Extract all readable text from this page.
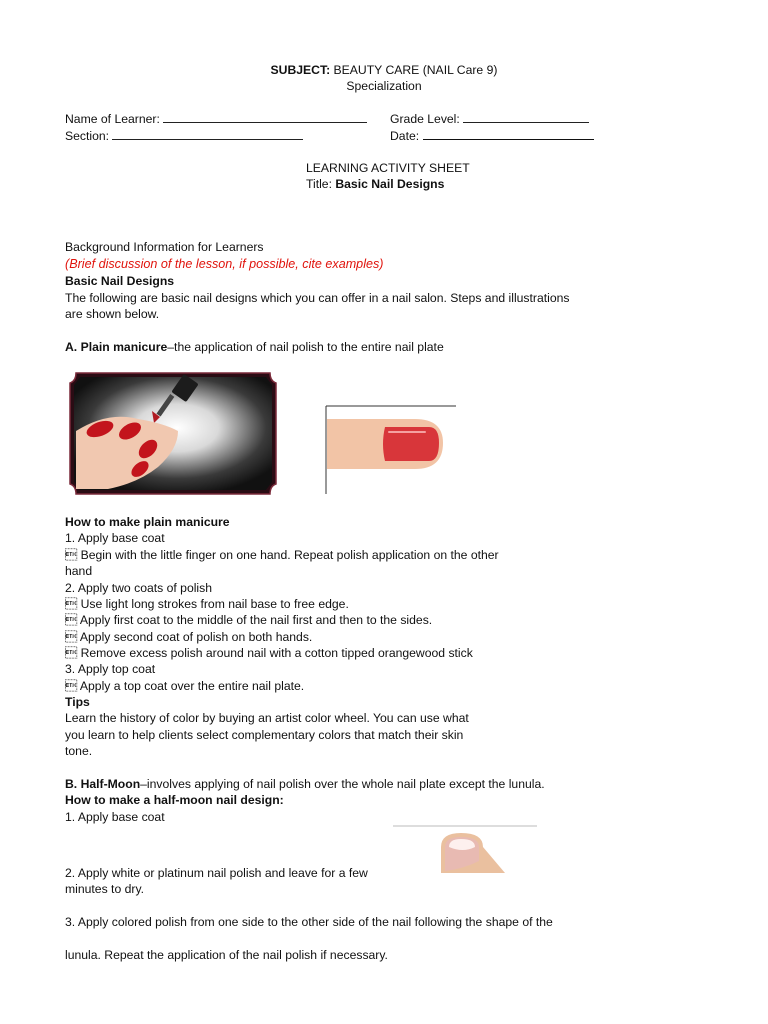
SUBJECT: BEAUTY CARE (NAIL Care 9)
Specialization
Name of Learner:	Grade Level:
Section:	Date:
LEARNING ACTIVITY SHEET
Title: Basic Nail Designs
Background Information for Learners
(Brief discussion of the lesson, if possible, cite examples)
Basic Nail Designs
The following are basic nail designs which you can offer in a nail salon. Steps and illustrations
are shown below.
A. Plain manicure–the application of nail polish to the entire nail plate
How to make plain manicure
1. Apply base coat
 Begin with the little finger on one hand. Repeat polish application on the other
hand
2. Apply two coats of polish
 Use light long strokes from nail base to free edge.
 Apply first coat to the middle of the nail first and then to the sides.
 Apply second coat of polish on both hands.
 Remove excess polish around nail with a cotton tipped orangewood stick
3. Apply top coat
 Apply a top coat over the entire nail plate.
Tips
Learn the history of color by buying an artist color wheel. You can use what
you learn to help clients select complementary colors that match their skin
tone.
B. Half-Moon–involves applying of nail polish over the whole nail plate except the lunula.
How to make a half-moon nail design:
1. Apply base coat
2. Apply white or platinum nail polish and leave for a few
minutes to dry.
3. Apply colored polish from one side to the other side of the nail following the shape of the
lunula. Repeat the application of the nail polish if necessary.
